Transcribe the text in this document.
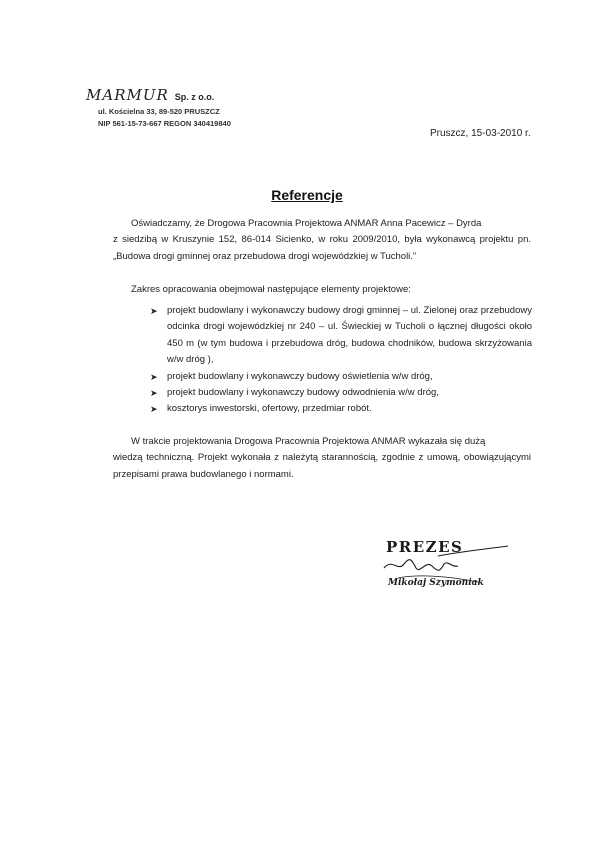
MARMUR Sp. z o.o.
ul. Kościelna 33, 89-520 PRUSZCZ
NIP 561-15-73-667 REGON 340419840
Pruszcz, 15-03-2010 r.
Referencje
Oświadczamy, że Drogowa Pracownia Projektowa ANMAR Anna Pacewicz – Dyrda
z siedzibą w Kruszynie 152, 86-014 Sicienko, w roku 2009/2010, była wykonawcą projektu pn. „Budowa drogi gminnej oraz przebudowa drogi wojewódzkiej w Tucholi.”
Zakres opracowania obejmował następujące elementy projektowe:
➤ projekt budowlany i wykonawczy budowy drogi gminnej – ul. Zielonej oraz przebudowy odcinka drogi wojewódzkiej nr 240 – ul. Świeckiej w Tucholi o łącznej długości około 450 m (w tym budowa i przebudowa dróg, budowa chodników, budowa skrzyżowania w/w dróg ),
➤ projekt budowlany i wykonawczy budowy oświetlenia w/w dróg,
➤ projekt budowlany i wykonawczy budowy odwodnienia w/w dróg,
➤ kosztorys inwestorski, ofertowy, przedmiar robót.
W trakcie projektowania Drogowa Pracownia Projektowa ANMAR wykazała się dużą
wiedzą techniczną. Projekt wykonała z należytą starannością, zgodnie z umową, obowiązującymi przepisami prawa budowlanego i normami.
PREZES
Mikołaj Szymoniak
